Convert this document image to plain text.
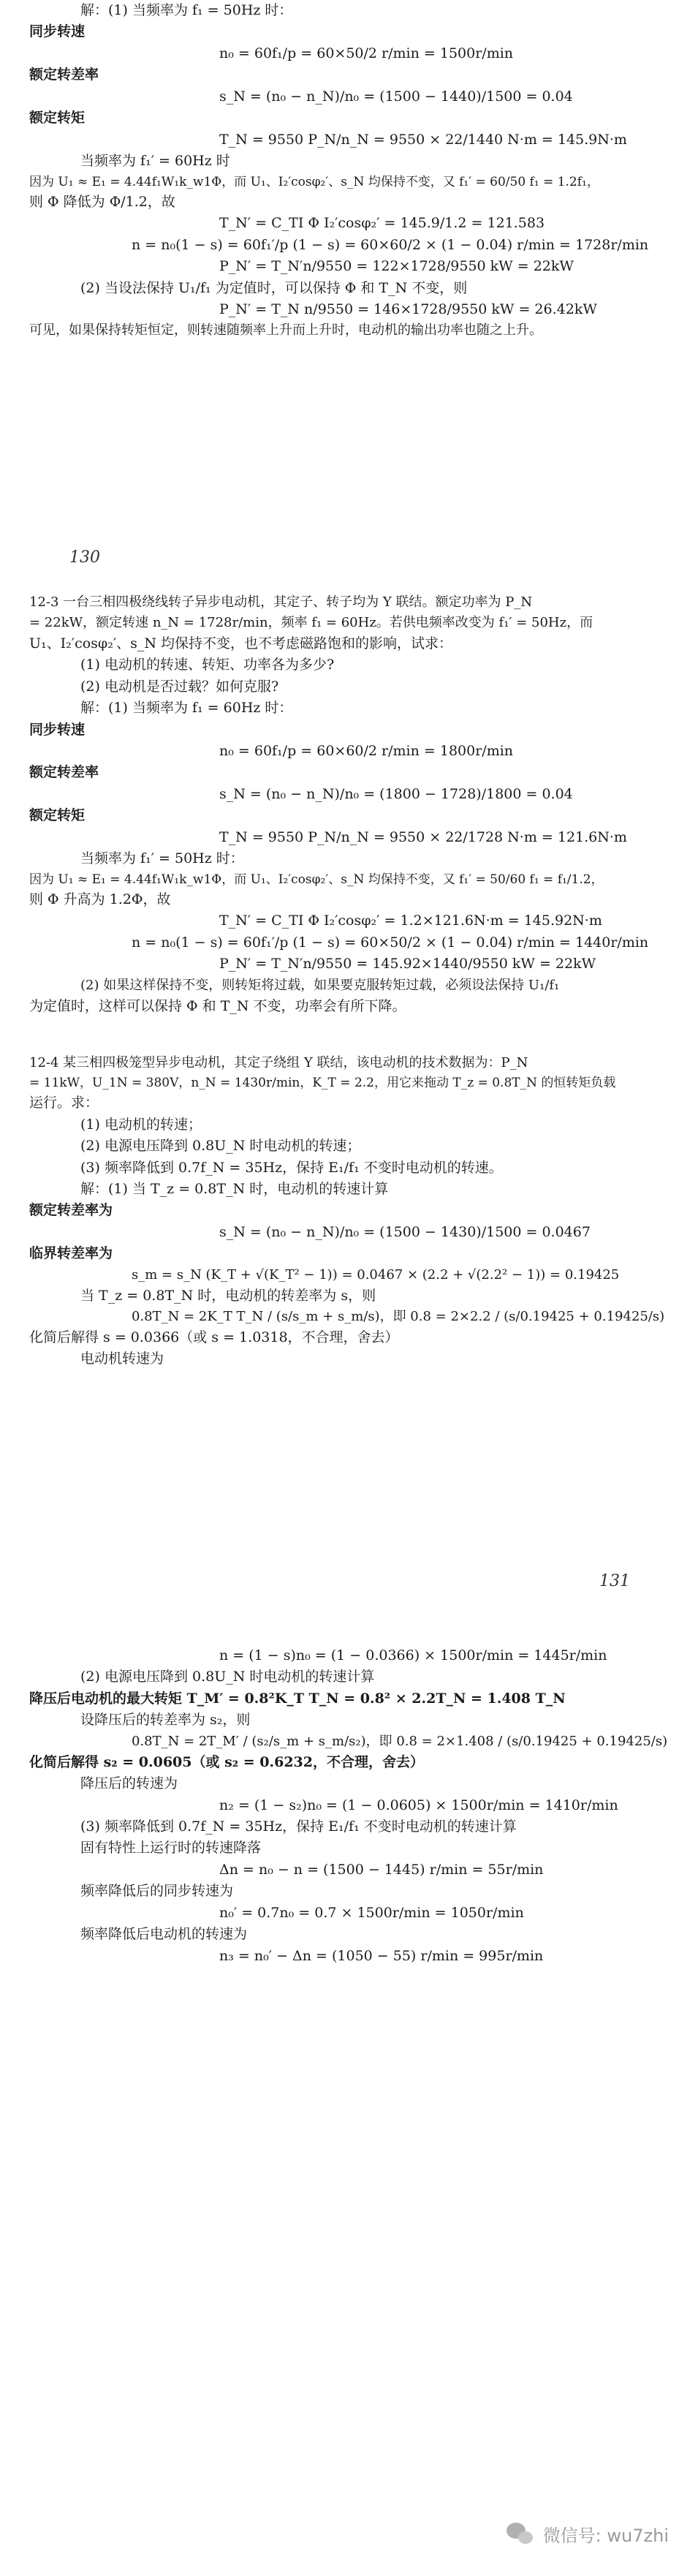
解：(1) 当频率为 f₁ = 50Hz 时：

同步转速

n₀ = 60f₁/p = 60×50/2 r/min = 1500r/min

额定转差率

s_N = (n₀ − n_N)/n₀ = (1500 − 1440)/1500 = 0.04

额定转矩

T_N = 9550 P_N/n_N = 9550 × 22/1440 N·m = 145.9N·m

当频率为 f₁′ = 60Hz 时

因为 U₁ ≈ E₁ = 4.44f₁W₁k_w1Φ，而 U₁、I₂′cosφ₂′、s_N 均保持不变，又 f₁′ = 60/50 f₁ = 1.2f₁，

则 Φ 降低为 Φ/1.2，故

T_N′ = C_TI Φ I₂′cosφ₂′ = 145.9/1.2 = 121.583

n = n₀(1 − s) = 60f₁′/p (1 − s) = 60×60/2 × (1 − 0.04) r/min = 1728r/min

P_N′ = T_N′n/9550 = 122×1728/9550 kW = 22kW

(2) 当设法保持 U₁/f₁ 为定值时，可以保持 Φ 和 T_N 不变，则

P_N′ = T_N n/9550 = 146×1728/9550 kW = 26.42kW

可见，如果保持转矩恒定，则转速随频率上升而上升时，电动机的输出功率也随之上升。

130

12-3 一台三相四极绕线转子异步电动机，其定子、转子均为 Y 联结。额定功率为 P_N

= 22kW，额定转速 n_N = 1728r/min，频率 f₁ = 60Hz。若供电频率改变为 f₁′ = 50Hz，而

U₁、I₂′cosφ₂′、s_N 均保持不变，也不考虑磁路饱和的影响，试求：

(1) 电动机的转速、转矩、功率各为多少?

(2) 电动机是否过载？如何克服?

解：(1) 当频率为 f₁ = 60Hz 时：

同步转速

n₀ = 60f₁/p = 60×60/2 r/min = 1800r/min

额定转差率

s_N = (n₀ − n_N)/n₀ = (1800 − 1728)/1800 = 0.04

额定转矩

T_N = 9550 P_N/n_N = 9550 × 22/1728 N·m = 121.6N·m

当频率为 f₁′ = 50Hz 时：

因为 U₁ ≈ E₁ = 4.44f₁W₁k_w1Φ，而 U₁、I₂′cosφ₂′、s_N 均保持不变，又 f₁′ = 50/60 f₁ = f₁/1.2，

则 Φ 升高为 1.2Φ，故

T_N′ = C_TI Φ I₂′cosφ₂′ = 1.2×121.6N·m = 145.92N·m

n = n₀(1 − s) = 60f₁′/p (1 − s) = 60×50/2 × (1 − 0.04) r/min = 1440r/min

P_N′ = T_N′n/9550 = 145.92×1440/9550 kW = 22kW

(2) 如果这样保持不变，则转矩将过载，如果要克服转矩过载，必须设法保持 U₁/f₁

为定值时，这样可以保持 Φ 和 T_N 不变，功率会有所下降。

12-4 某三相四极笼型异步电动机，其定子绕组 Y 联结，该电动机的技术数据为：P_N

= 11kW，U_1N = 380V，n_N = 1430r/min，K_T = 2.2，用它来拖动 T_z = 0.8T_N 的恒转矩负载

运行。求：

(1) 电动机的转速；

(2) 电源电压降到 0.8U_N 时电动机的转速；

(3) 频率降低到 0.7f_N = 35Hz，保持 E₁/f₁ 不变时电动机的转速。

解：(1) 当 T_z = 0.8T_N 时，电动机的转速计算

额定转差率为

s_N = (n₀ − n_N)/n₀ = (1500 − 1430)/1500 = 0.0467

临界转差率为

s_m = s_N (K_T + √(K_T² − 1)) = 0.0467 × (2.2 + √(2.2² − 1)) = 0.19425

当 T_z = 0.8T_N 时，电动机的转差率为 s，则

0.8T_N = 2K_T T_N / (s/s_m + s_m/s)，即 0.8 = 2×2.2 / (s/0.19425 + 0.19425/s)

化简后解得 s = 0.0366（或 s = 1.0318，不合理，舍去）

电动机转速为

131

n = (1 − s)n₀ = (1 − 0.0366) × 1500r/min = 1445r/min

(2) 电源电压降到 0.8U_N 时电动机的转速计算

降压后电动机的最大转矩 T_M′ = 0.8²K_T T_N = 0.8² × 2.2T_N = 1.408 T_N

设降压后的转差率为 s₂，则

0.8T_N = 2T_M′ / (s₂/s_m + s_m/s₂)，即 0.8 = 2×1.408 / (s/0.19425 + 0.19425/s)

化简后解得 s₂ = 0.0605（或 s₂ = 0.6232，不合理，舍去）

降压后的转速为

n₂ = (1 − s₂)n₀ = (1 − 0.0605) × 1500r/min = 1410r/min

(3) 频率降低到 0.7f_N = 35Hz，保持 E₁/f₁ 不变时电动机的转速计算

固有特性上运行时的转速降落

Δn = n₀ − n = (1500 − 1445) r/min = 55r/min

频率降低后的同步转速为

n₀′ = 0.7n₀ = 0.7 × 1500r/min = 1050r/min

频率降低后电动机的转速为

n₃ = n₀′ − Δn = (1050 − 55) r/min = 995r/min

微信号: wu7zhi
